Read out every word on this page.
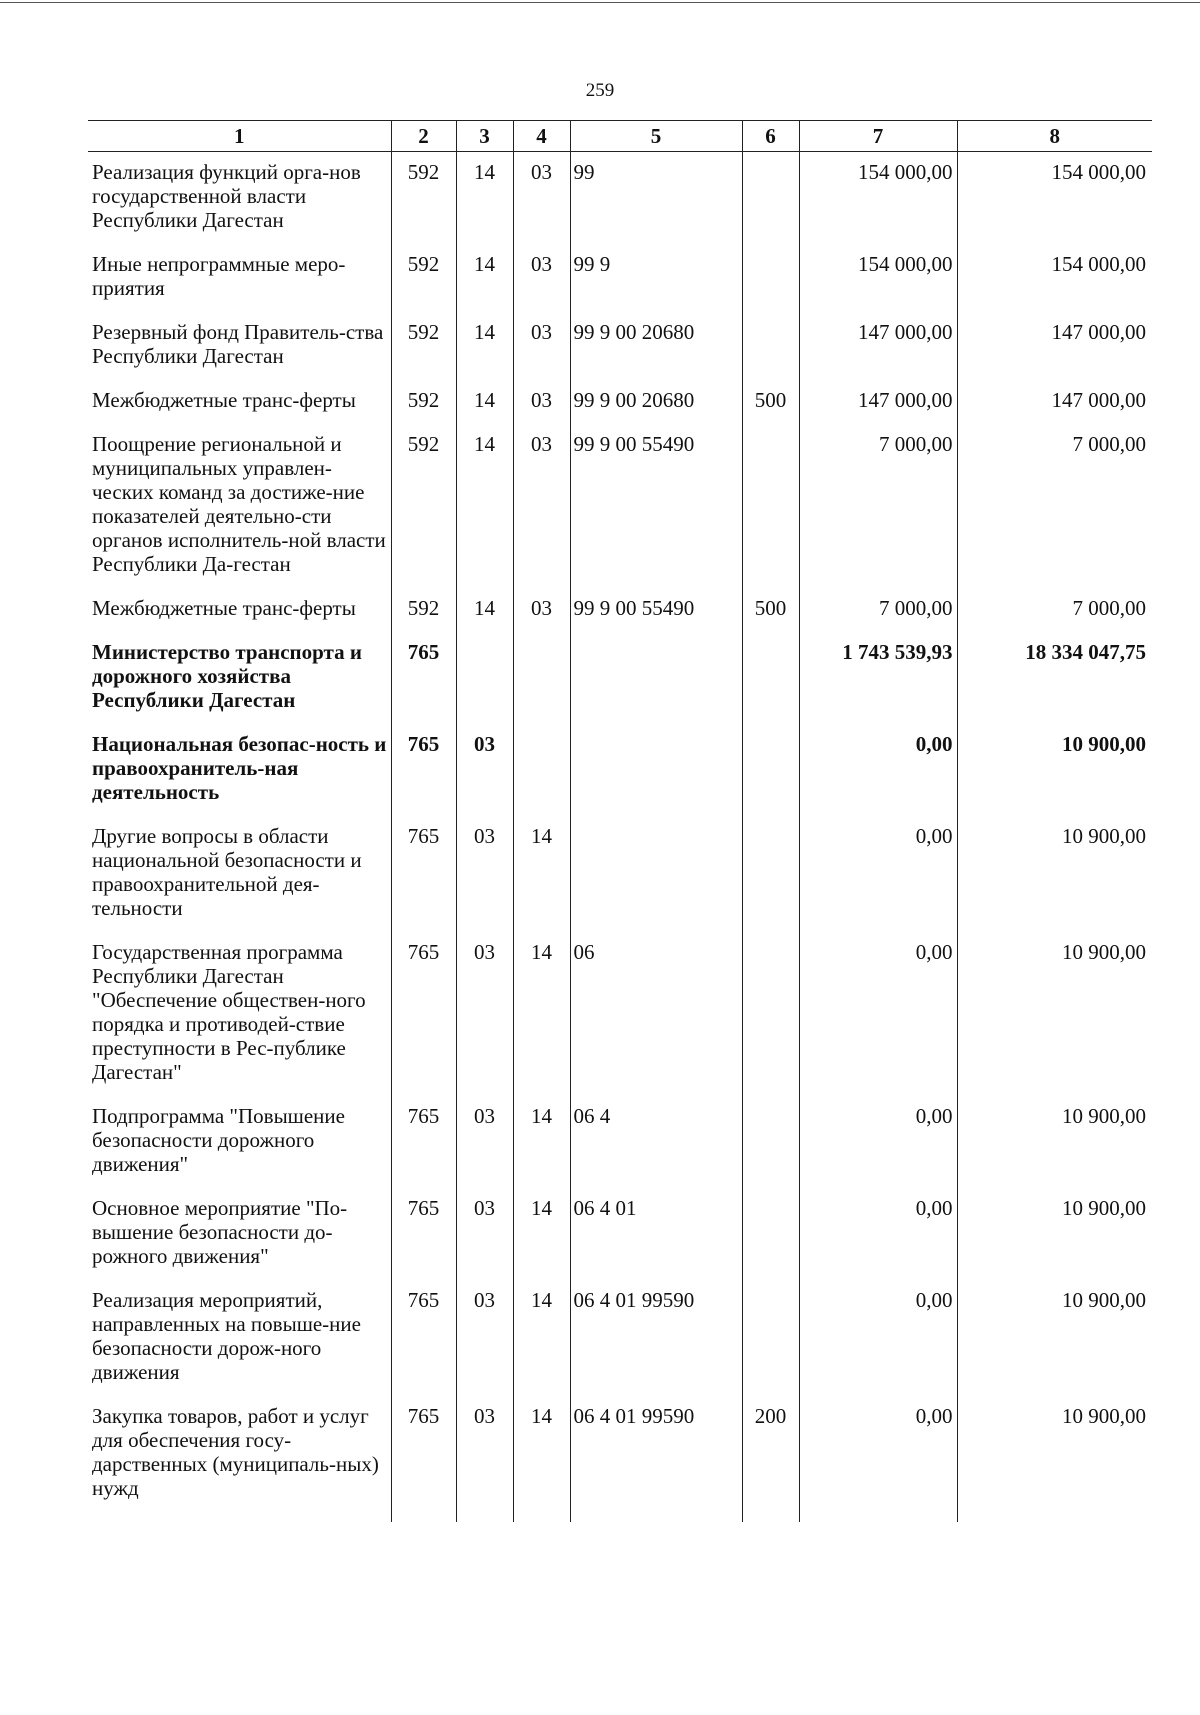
259
1	2	3	4	5	6	7	8
Реализация функций орга-нов государственной власти Республики Дагестан	592	14	03	99		154 000,00	154 000,00
Иные непрограммные меро-приятия	592	14	03	99 9		154 000,00	154 000,00
Резервный фонд Правитель-ства Республики Дагестан	592	14	03	99 9 00 20680		147 000,00	147 000,00
Межбюджетные транс-ферты	592	14	03	99 9 00 20680	500	147 000,00	147 000,00
Поощрение региональной и муниципальных управлен-ческих команд за достиже-ние показателей деятельно-сти органов исполнитель-ной власти Республики Да-гестан	592	14	03	99 9 00 55490		7 000,00	7 000,00
Межбюджетные транс-ферты	592	14	03	99 9 00 55490	500	7 000,00	7 000,00
Министерство транспорта и дорожного хозяйства Республики Дагестан	765					1 743 539,93	18 334 047,75
Национальная безопас-ность и правоохранитель-ная деятельность	765	03				0,00	10 900,00
Другие вопросы в области национальной безопасности и правоохранительной дея-тельности	765	03	14			0,00	10 900,00
Государственная программа Республики Дагестан "Обеспечение обществен-ного порядка и противодей-ствие преступности в Рес-публике Дагестан"	765	03	14	06		0,00	10 900,00
Подпрограмма "Повышение безопасности дорожного движения"	765	03	14	06 4		0,00	10 900,00
Основное мероприятие "По-вышение безопасности до-рожного движения"	765	03	14	06 4 01		0,00	10 900,00
Реализация мероприятий, направленных на повыше-ние безопасности дорож-ного движения	765	03	14	06 4 01 99590		0,00	10 900,00
Закупка товаров, работ и услуг для обеспечения госу-дарственных (муниципаль-ных) нужд	765	03	14	06 4 01 99590	200	0,00	10 900,00
